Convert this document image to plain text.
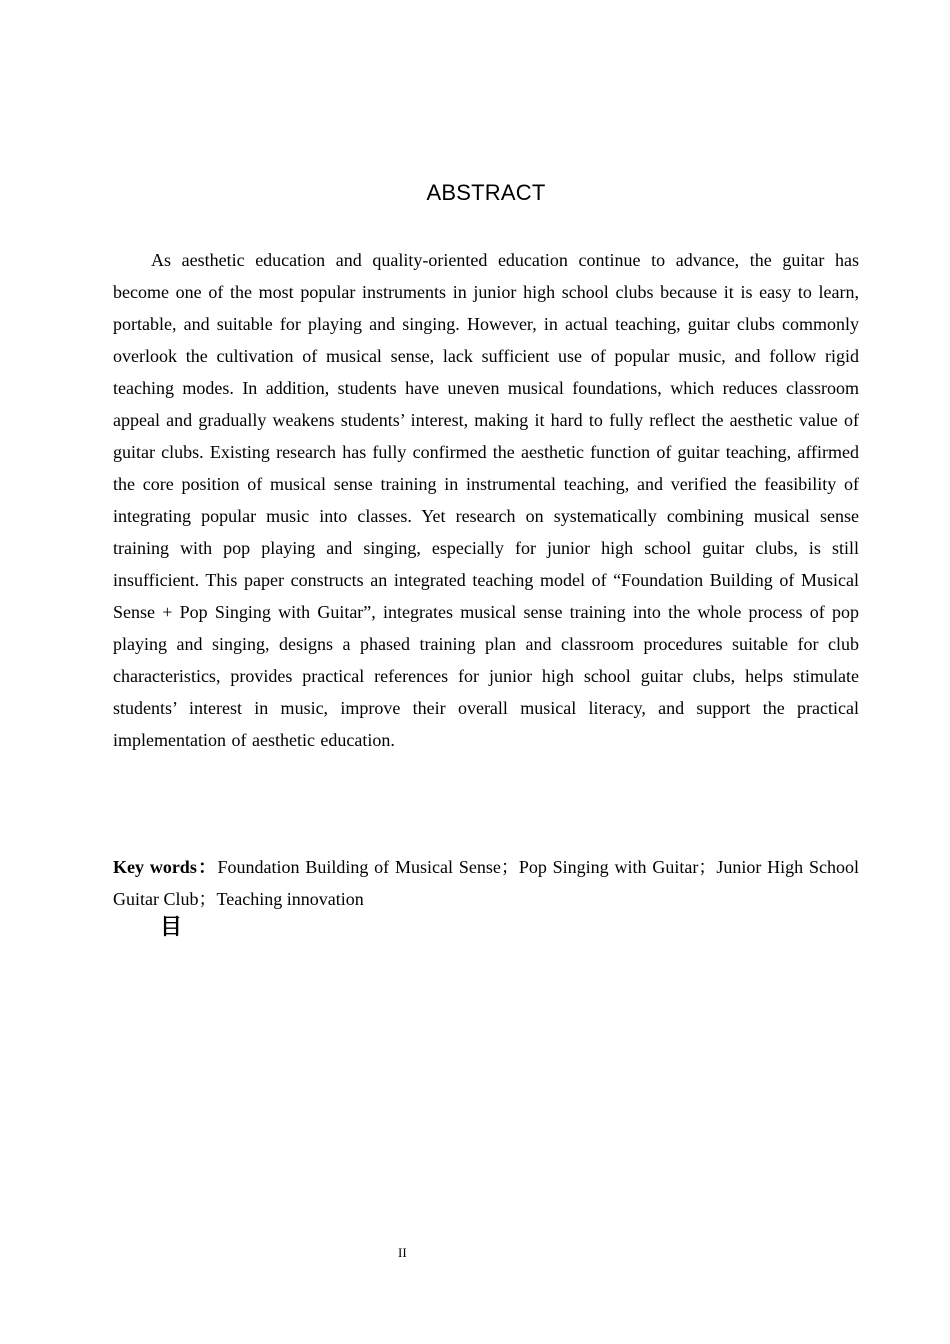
ABSTRACT

As aesthetic education and quality-oriented education continue to advance, the guitar has become one of the most popular instruments in junior high school clubs because it is easy to learn, portable, and suitable for playing and singing. However, in actual teaching, guitar clubs commonly overlook the cultivation of musical sense, lack sufficient use of popular music, and follow rigid teaching modes. In addition, students have uneven musical foundations, which reduces classroom appeal and gradually weakens students’ interest, making it hard to fully reflect the aesthetic value of guitar clubs. Existing research has fully confirmed the aesthetic function of guitar teaching, affirmed the core position of musical sense training in instrumental teaching, and verified the feasibility of integrating popular music into classes. Yet research on systematically combining musical sense training with pop playing and singing, especially for junior high school guitar clubs, is still insufficient. This paper constructs an integrated teaching model of “Foundation Building of Musical Sense + Pop Singing with Guitar”, integrates musical sense training into the whole process of pop playing and singing, designs a phased training plan and classroom procedures suitable for club characteristics, provides practical references for junior high school guitar clubs, helps stimulate students’ interest in music, improve their overall musical literacy, and support the practical implementation of aesthetic education.

Key words：Foundation Building of Musical Sense；Pop Singing with Guitar；Junior High School Guitar Club；Teaching innovation

目
II
